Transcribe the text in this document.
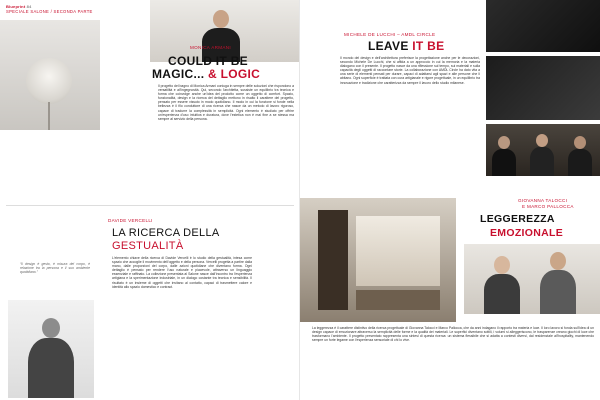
Blueprint 84
SPECIALE SALONE / SECONDA PARTE
MONICA ARMANI
COULD IT BE
MAGIC... & LOGIC
Il progetto del bagno di Monica Armani coniuga in sempre delle soluzioni che rispondono a versatilità e all'ingegnosità. Qui, secondo l'architetta, sussiste un equilibrio tra tecnica e forma che coinvolge anche un'idea del prodotto come un oggetto di comfort. Spazio, funzionalità, design e la ricerca del dettaglio mettono in risalto il carattere del progetto, pensato per essere vissuto in modo quotidiano. Il modo in cui la funzione si fonde nella bellezza è il filo conduttore di una ricerca che nasce da un metodo di lavoro rigoroso, capace di tradurre la complessità in semplicità. Ogni elemento è studiato per offrire un'esperienza d'uso intuitiva e duratura, dove l'estetica non è mai fine a se stessa ma sempre al servizio della persona.
DAVIDE VERCELLI
LA RICERCA DELLA
GESTUALITÀ
L'elemento chiave della ricerca di Davide Vercelli è lo studio della gestualità, intesa come spazio che accoglie il movimento dell'oggetto e della persona. Vercelli progetta a partire dalla mano, dalle proporzioni del corpo, dalle azioni quotidiane che diventano forma. Ogni dettaglio è pensato per rendere l'uso naturale e piacevole, attraverso un linguaggio essenziale e raffinato. La collezione presentata al Salone nasce dall'incontro tra l'esperienza artigiana e la sperimentazione industriale, in un dialogo costante tra tecnica e sensibilità. Il risultato è un insieme di oggetti che invitano al contatto, capaci di trasmettere calore e identità allo spazio domestico e contract.
“Il design è gesto, è misura del corpo, è relazione tra la persona e il suo ambiente quotidiano.”
MICHELE DE LUCCHI – AMDL CIRCLE
LEAVE IT BE
Il mondo del design e dell'architettura preferisce la progettazione anche per le decorazioni, secondo Michele De Lucchi, che si affida a un approccio in cui la memoria e la materia dialogano con il presente. Il progetto nasce da una riflessione sul tempo, sui materiali e sulla capacità degli oggetti di raccontare storie. La collaborazione con AMDL Circle ha dato vita a una serie di elementi pensati per durare, capaci di adattarsi agli spazi e alle persone che li abitano. Ogni superficie è trattata con cura artigianale e rigore progettuale, in un equilibrio tra innovazione e tradizione che caratterizza da sempre il lavoro dello studio milanese.
GIOVANNA TALOCCI
E MARCO PALLOCCA
LEGGEREZZA
EMOZIONALE
La leggerezza è il carattere distintivo della ricerca progettuale di Giovanna Talocci e Marco Pallocca, che da anni indagano il rapporto tra materia e luce. Il loro lavoro si fonda sull'idea di un design capace di emozionare attraverso la semplicità delle forme e la qualità dei materiali. Le superfici diventano sottili, i volumi si alleggeriscono, le trasparenze creano giochi di luce che trasformano l'ambiente. Il progetto presentato rappresenta una sintesi di questa ricerca: un sistema flessibile che si adatta a contesti diversi, dal residenziale all'hospitality, mantenendo sempre un forte legame con l'esperienza sensoriale di chi lo vive.
